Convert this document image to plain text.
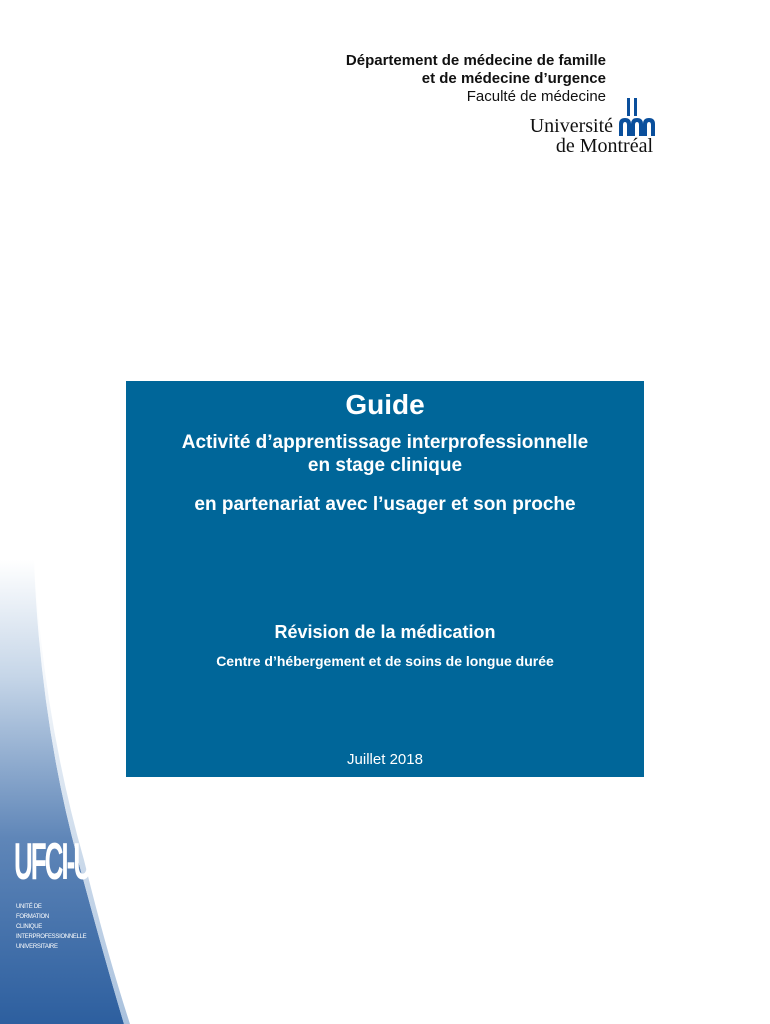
Département de médecine de famille
et de médecine d’urgence
Faculté de médecine
Université
de Montréal
Guide
Activité d’apprentissage interprofessionnelle
en stage clinique
en partenariat avec l’usager et son proche
Révision de la médication
Centre d’hébergement et de soins de longue durée
Juillet 2018
UFCI-U
UNITÉ DE
FORMATION
CLINIQUE
INTERPROFESSIONNELLE
UNIVERSITAIRE
